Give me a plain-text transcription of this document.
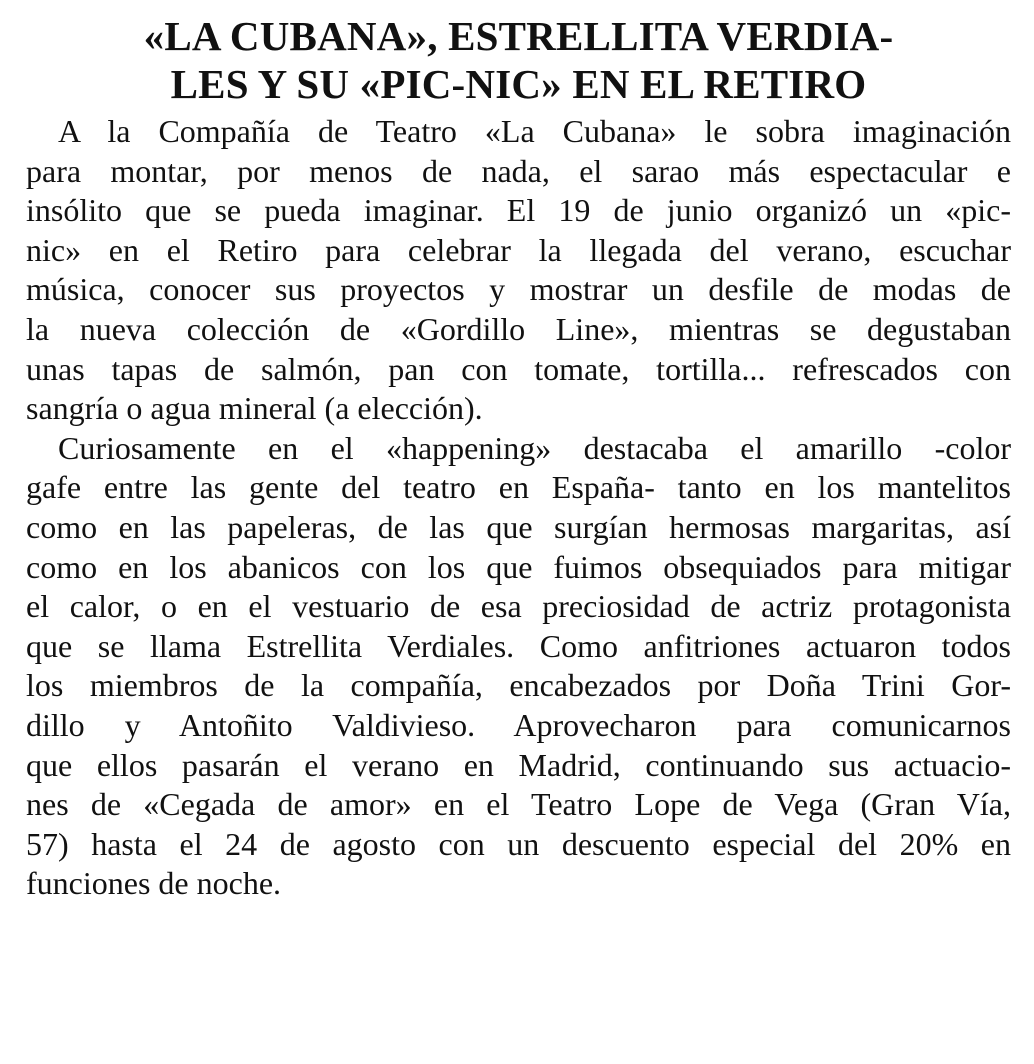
«LA CUBANA», ESTRELLITA VERDIA-
LES Y SU «PIC-NIC» EN EL RETIRO

A la Compañía de Teatro «La Cubana» le sobra imaginación
para montar, por menos de nada, el sarao más espectacular e
insólito que se pueda imaginar. El 19 de junio organizó un «pic-
nic» en el Retiro para celebrar la llegada del verano, escuchar
música, conocer sus proyectos y mostrar un desfile de modas de
la nueva colección de «Gordillo Line», mientras se degustaban
unas tapas de salmón, pan con tomate, tortilla... refrescados con
sangría o agua mineral (a elección).

Curiosamente en el «happening» destacaba el amarillo -color
gafe entre las gente del teatro en España- tanto en los mantelitos
como en las papeleras, de las que surgían hermosas margaritas, así
como en los abanicos con los que fuimos obsequiados para mitigar
el calor, o en el vestuario de esa preciosidad de actriz protagonista
que se llama Estrellita Verdiales. Como anfitriones actuaron todos
los miembros de la compañía, encabezados por Doña Trini Gor-
dillo y Antoñito Valdivieso. Aprovecharon para comunicarnos
que ellos pasarán el verano en Madrid, continuando sus actuacio-
nes de «Cegada de amor» en el Teatro Lope de Vega (Gran Vía,
57) hasta el 24 de agosto con un descuento especial del 20% en
funciones de noche.
